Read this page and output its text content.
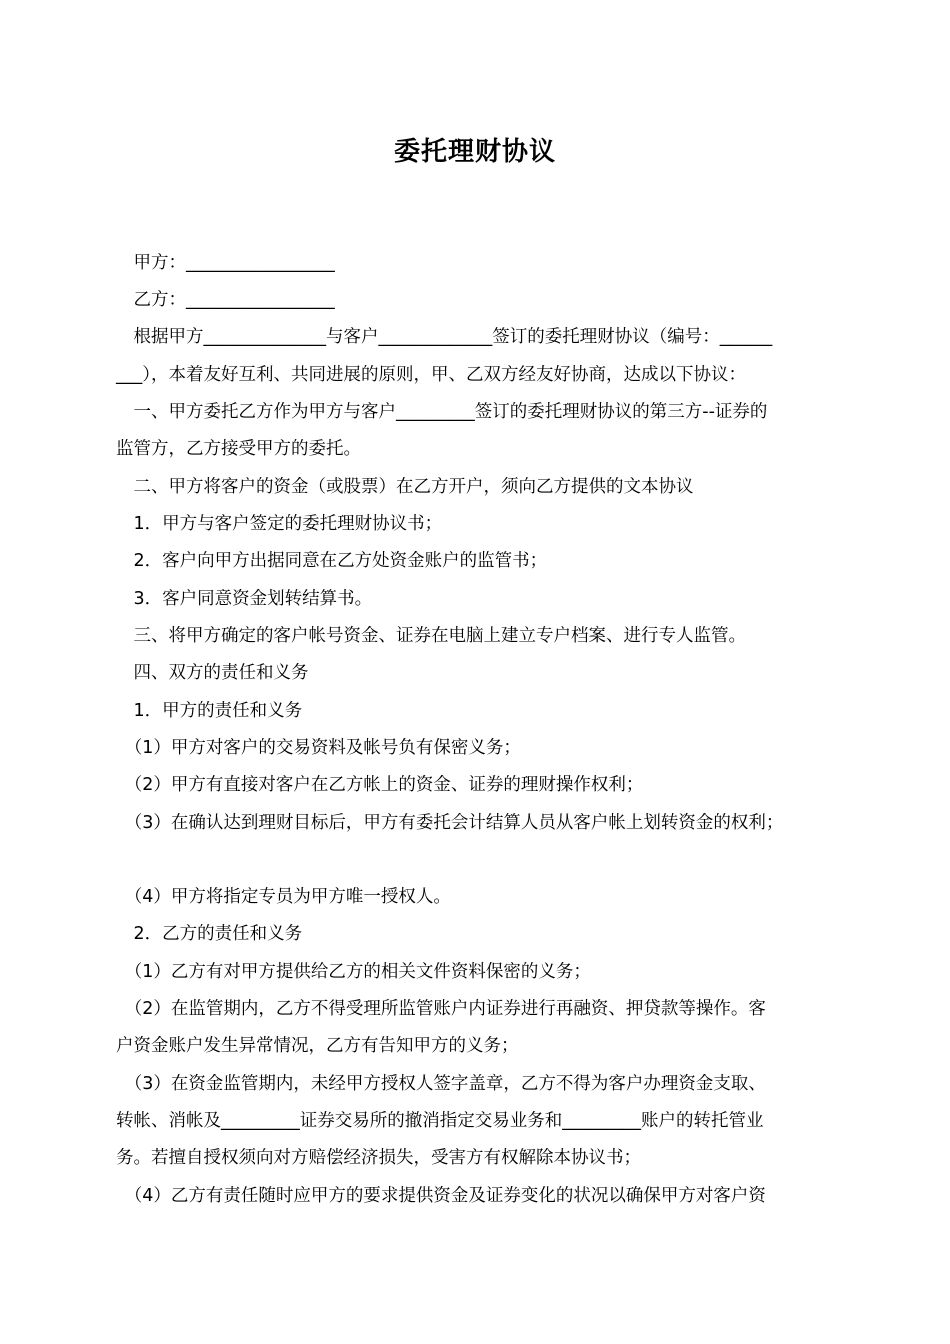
委托理财协议
　甲方：_________________
　乙方：_________________
　根据甲方______________与客户_____________签订的委托理财协议（编号：______
___），本着友好互利、共同进展的原则，甲、乙双方经友好协商，达成以下协议：
　一、甲方委托乙方作为甲方与客户_________签订的委托理财协议的第三方--证券的
监管方，乙方接受甲方的委托。
　二、甲方将客户的资金（或股票）在乙方开户，须向乙方提供的文本协议
　1．甲方与客户签定的委托理财协议书；
　2．客户向甲方出据同意在乙方处资金账户的监管书；
　3．客户同意资金划转结算书。
　三、将甲方确定的客户帐号资金、证券在电脑上建立专户档案、进行专人监管。
　四、双方的责任和义务
　1．甲方的责任和义务
　（1）甲方对客户的交易资料及帐号负有保密义务；
　（2）甲方有直接对客户在乙方帐上的资金、证券的理财操作权利；
　（3）在确认达到理财目标后，甲方有委托会计结算人员从客户帐上划转资金的权利；
　（4）甲方将指定专员为甲方唯一授权人。
　2．乙方的责任和义务
　（1）乙方有对甲方提供给乙方的相关文件资料保密的义务；
　（2）在监管期内，乙方不得受理所监管账户内证券进行再融资、押贷款等操作。客
户资金账户发生异常情况，乙方有告知甲方的义务；
　（3）在资金监管期内，未经甲方授权人签字盖章，乙方不得为客户办理资金支取、
转帐、消帐及_________证券交易所的撤消指定交易业务和_________账户的转托管业
务。若擅自授权须向对方赔偿经济损失，受害方有权解除本协议书；
　（4）乙方有责任随时应甲方的要求提供资金及证券变化的状况以确保甲方对客户资
